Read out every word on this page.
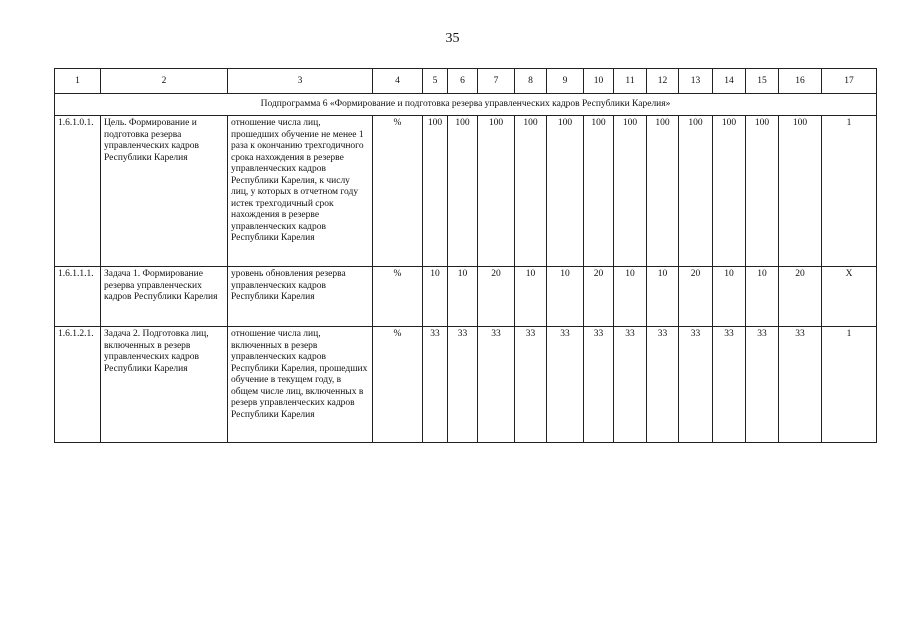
35
1	2	3	4	5	6	7	8	9	10	11	12	13	14	15	16	17
Подпрограмма 6 «Формирование и подготовка резерва управленческих кадров Республики Карелия»																
1.6.1.0.1.	Цель. Формирование и подготовка резерва управленческих кадров Республики Карелия	отношение числа лиц, прошедших обучение не менее 1 раза к окончанию трехгодичного срока нахождения в резерве управленческих кадров Республики Карелия, к числу лиц, у которых в отчетном году истек трехгодичный срок нахождения в резерве управленческих кадров Республики Карелия	%	100	100	100	100	100	100	100	100	100	100	100	100	1
1.6.1.1.1.	Задача 1. Формирование резерва управленческих кадров Республики Карелия	уровень обновления резерва управленческих кадров Республики Карелия	%	10	10	20	10	10	20	10	10	20	10	10	20	Х
1.6.1.2.1.	Задача 2. Подготовка лиц, включенных в резерв управленческих кадров Республики Карелия	отношение числа лиц, включенных в резерв управленческих кадров Республики Карелия, прошедших обучение в текущем году, в общем числе лиц, включенных в резерв управленческих кадров Республики Карелия	%	33	33	33	33	33	33	33	33	33	33	33	33	1
